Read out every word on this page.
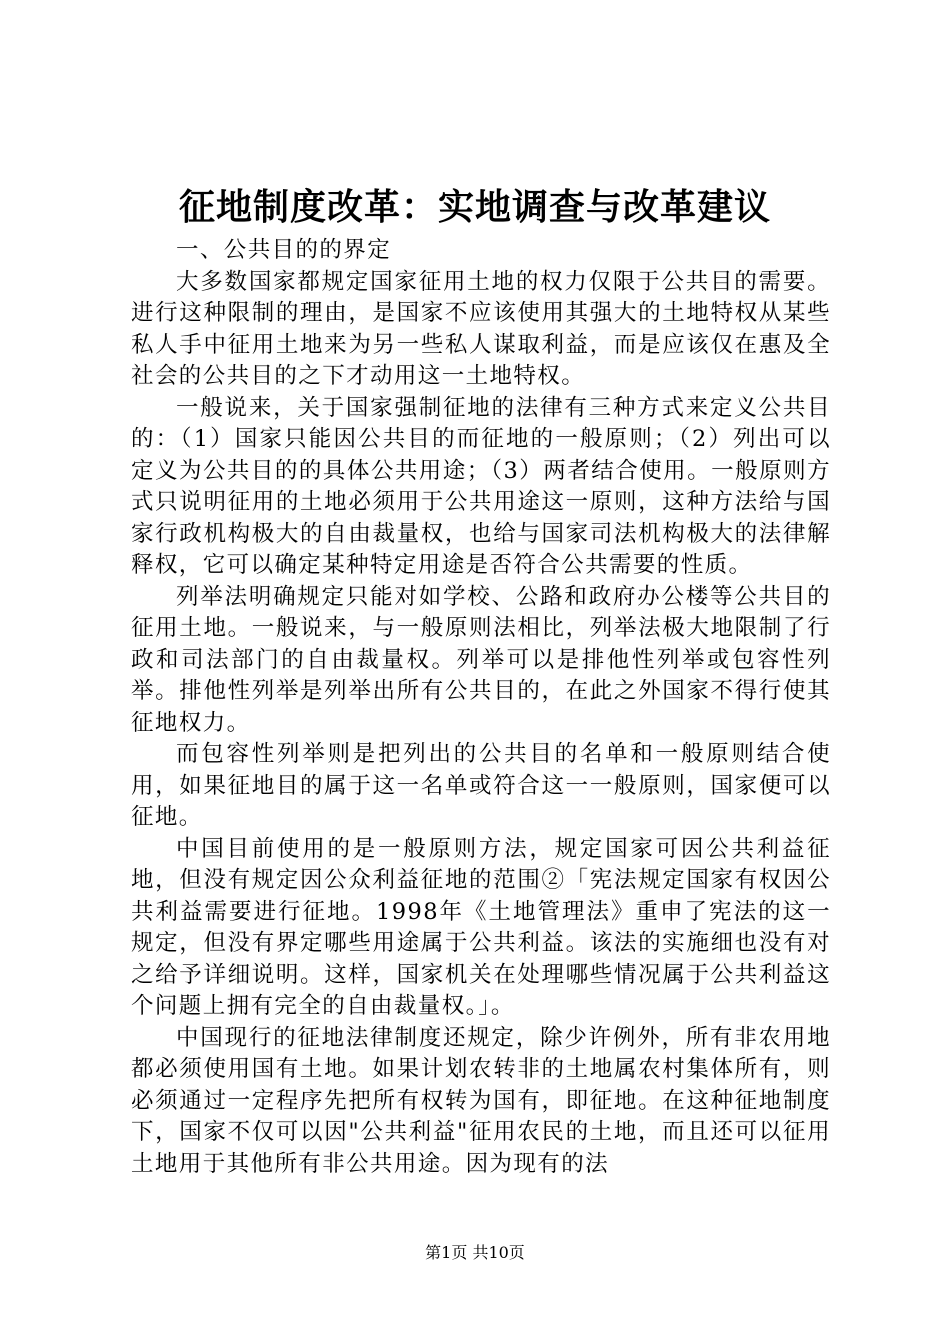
征地制度改革：实地调查与改革建议

一、公共目的的界定

大多数国家都规定国家征用土地的权力仅限于公共目的需要。进行这种限制的理由，是国家不应该使用其强大的土地特权从某些私人手中征用土地来为另一些私人谋取利益，而是应该仅在惠及全社会的公共目的之下才动用这一土地特权。

一般说来，关于国家强制征地的法律有三种方式来定义公共目的：（1）国家只能因公共目的而征地的一般原则；（2）列出可以定义为公共目的的具体公共用途；（3）两者结合使用。一般原则方式只说明征用的土地必须用于公共用途这一原则，这种方法给与国家行政机构极大的自由裁量权，也给与国家司法机构极大的法律解释权，它可以确定某种特定用途是否符合公共需要的性质。

列举法明确规定只能对如学校、公路和政府办公楼等公共目的征用土地。一般说来，与一般原则法相比，列举法极大地限制了行政和司法部门的自由裁量权。列举可以是排他性列举或包容性列举。排他性列举是列举出所有公共目的，在此之外国家不得行使其征地权力。

而包容性列举则是把列出的公共目的名单和一般原则结合使用，如果征地目的属于这一名单或符合这一一般原则，国家便可以征地。

中国目前使用的是一般原则方法，规定国家可因公共利益征地，但没有规定因公众利益征地的范围②「宪法规定国家有权因公共利益需要进行征地。1998年《土地管理法》重申了宪法的这一规定，但没有界定哪些用途属于公共利益。该法的实施细也没有对之给予详细说明。这样，国家机关在处理哪些情况属于公共利益这个问题上拥有完全的自由裁量权。」。

中国现行的征地法律制度还规定，除少许例外，所有非农用地都必须使用国有土地。如果计划农转非的土地属农村集体所有，则必须通过一定程序先把所有权转为国有，即征地。在这种征地制度下，国家不仅可以因"公共利益"征用农民的土地，而且还可以征用土地用于其他所有非公共用途。因为现有的法

第1页 共10页
